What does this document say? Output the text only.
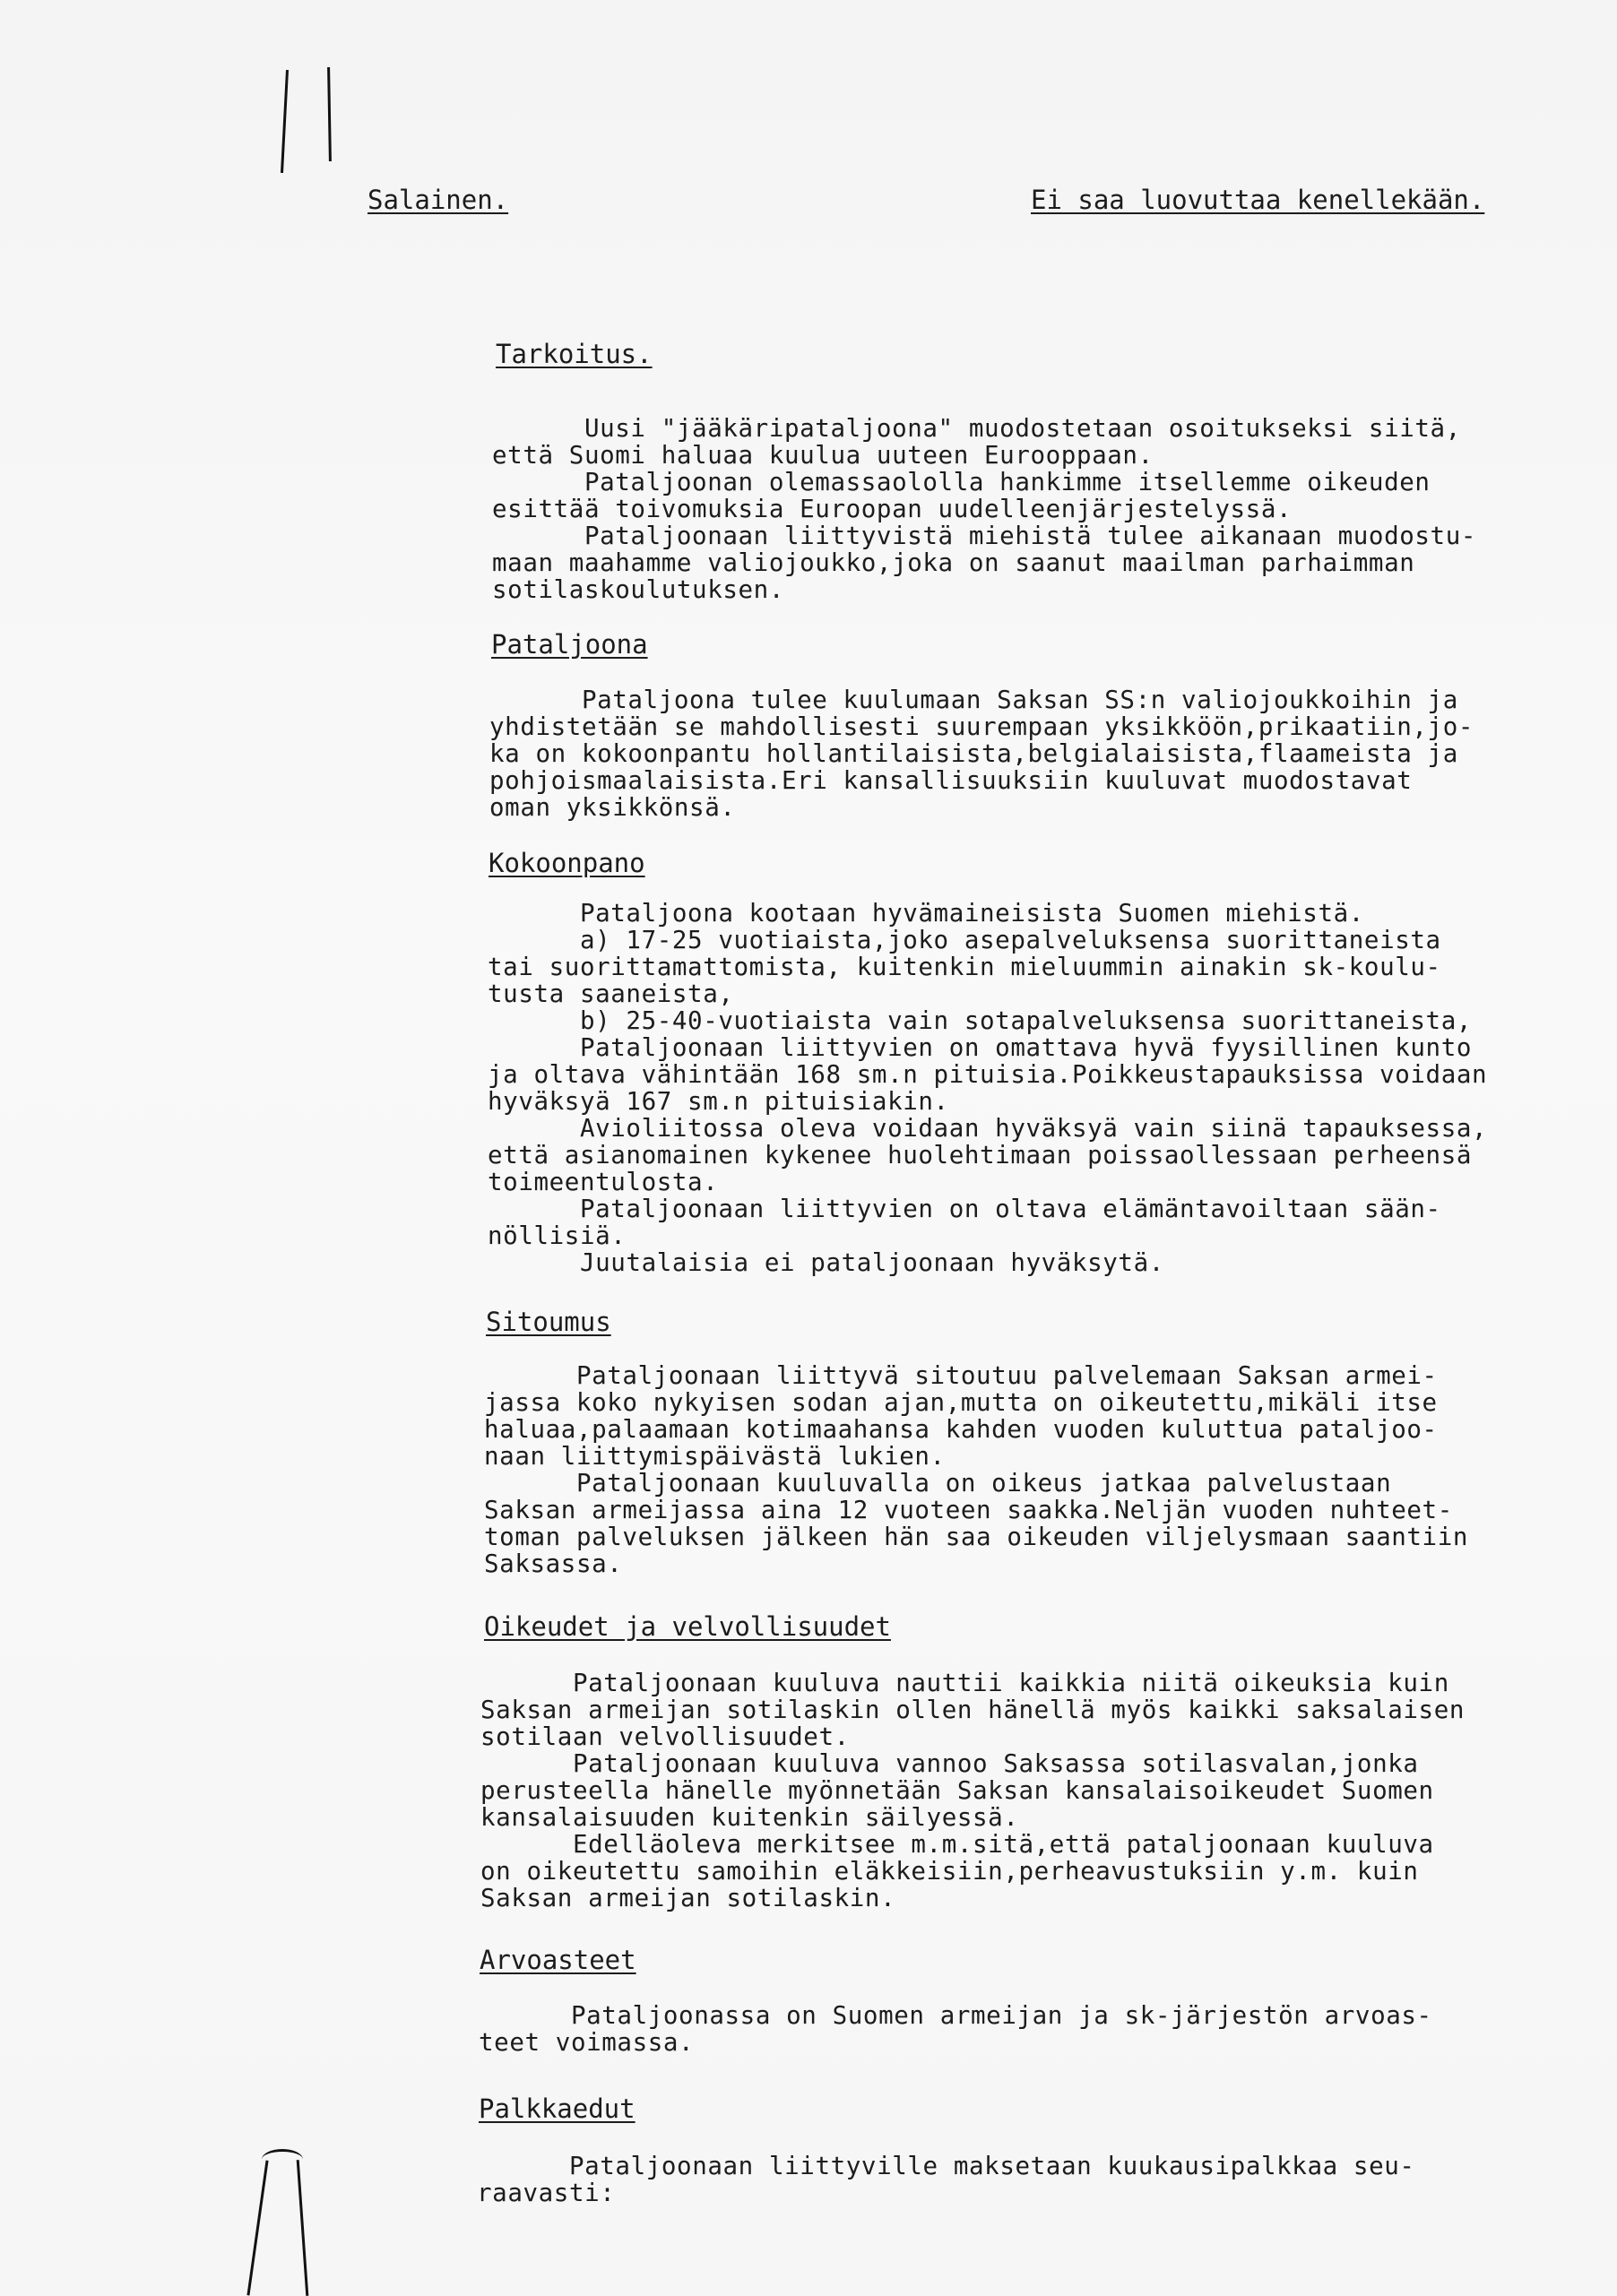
Salainen.	Ei saa luovuttaa kenellekään.
Tarkoitus.
Uusi "jääkäripataljoona" muodostetaan osoitukseksi siitä,
että Suomi haluaa kuulua uuteen Eurooppaan.
Pataljoonan olemassaololla hankimme itsellemme oikeuden
esittää toivomuksia Euroopan uudelleenjärjestelyssä.
Pataljoonaan liittyvistä miehistä tulee aikanaan muodostu-
maan maahamme valiojoukko,joka on saanut maailman parhaimman
sotilaskoulutuksen.
Pataljoona
Pataljoona tulee kuulumaan Saksan SS:n valiojoukkoihin ja
yhdistetään se mahdollisesti suurempaan yksikköön,prikaatiin,jo-
ka on kokoonpantu hollantilaisista,belgialaisista,flaameista ja
pohjoismaalaisista.Eri kansallisuuksiin kuuluvat muodostavat
oman yksikkönsä.
Kokoonpano
Pataljoona kootaan hyvämaineisista Suomen miehistä.
a) 17-25 vuotiaista,joko asepalveluksensa suorittaneista
tai suorittamattomista, kuitenkin mieluummin ainakin sk-koulu-
tusta saaneista,
b) 25-40-vuotiaista vain sotapalveluksensa suorittaneista,
Pataljoonaan liittyvien on omattava hyvä fyysillinen kunto
ja oltava vähintään 168 sm.n pituisia.Poikkeustapauksissa voidaan
hyväksyä 167 sm.n pituisiakin.
Avioliitossa oleva voidaan hyväksyä vain siinä tapauksessa,
että asianomainen kykenee huolehtimaan poissaollessaan perheensä
toimeentulosta.
Pataljoonaan liittyvien on oltava elämäntavoiltaan sään-
nöllisiä.
Juutalaisia ei pataljoonaan hyväksytä.
Sitoumus
Pataljoonaan liittyvä sitoutuu palvelemaan Saksan armei-
jassa koko nykyisen sodan ajan,mutta on oikeutettu,mikäli itse
haluaa,palaamaan kotimaahansa kahden vuoden kuluttua pataljoo-
naan liittymispäivästä lukien.
Pataljoonaan kuuluvalla on oikeus jatkaa palvelustaan
Saksan armeijassa aina 12 vuoteen saakka.Neljän vuoden nuhteet-
toman palveluksen jälkeen hän saa oikeuden viljelysmaan saantiin
Saksassa.
Oikeudet ja velvollisuudet
Pataljoonaan kuuluva nauttii kaikkia niitä oikeuksia kuin
Saksan armeijan sotilaskin ollen hänellä myös kaikki saksalaisen
sotilaan velvollisuudet.
Pataljoonaan kuuluva vannoo Saksassa sotilasvalan,jonka
perusteella hänelle myönnetään Saksan kansalaisoikeudet Suomen
kansalaisuuden kuitenkin säilyessä.
Edelläoleva merkitsee m.m.sitä,että pataljoonaan kuuluva
on oikeutettu samoihin eläkkeisiin,perheavustuksiin y.m. kuin
Saksan armeijan sotilaskin.
Arvoasteet
Pataljoonassa on Suomen armeijan ja sk-järjestön arvoas-
teet voimassa.
Palkkaedut
Pataljoonaan liittyville maksetaan kuukausipalkkaa seu-
raavasti:
